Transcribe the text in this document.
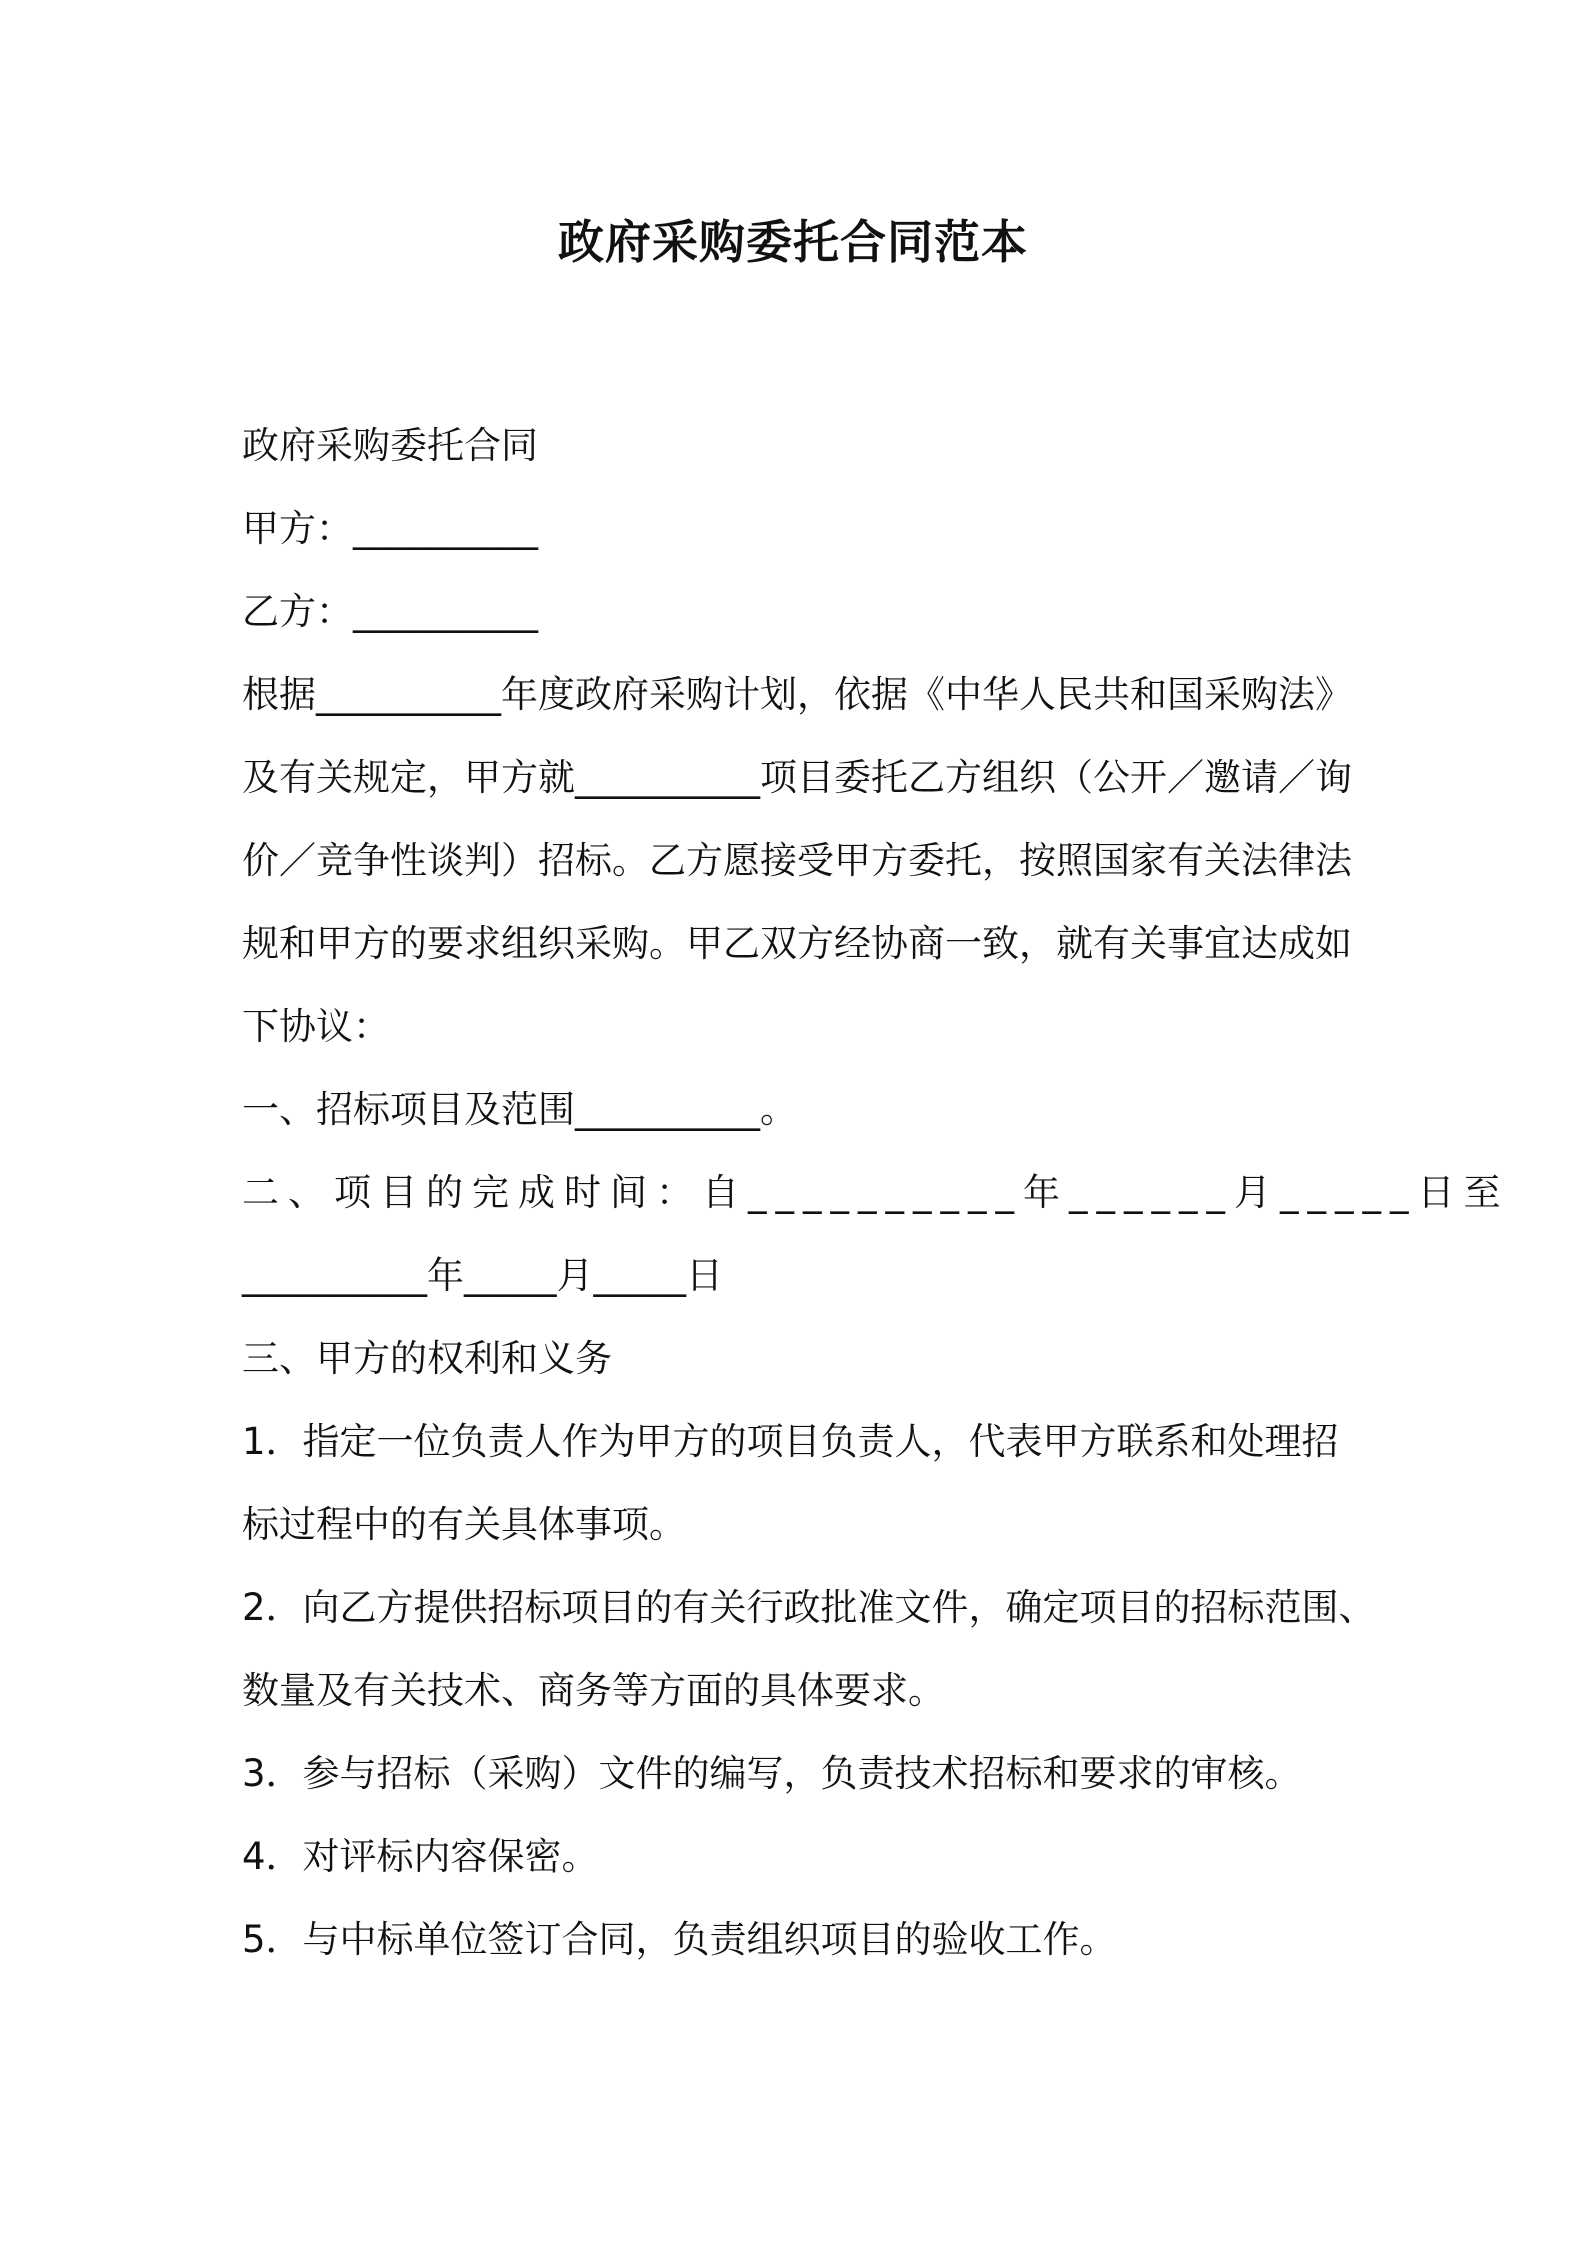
政府采购委托合同范本

政府采购委托合同

甲方：__________

乙方：__________

根据__________年度政府采购计划，依据《中华人民共和国采购法》

及有关规定，甲方就__________项目委托乙方组织（公开／邀请／询

价／竞争性谈判）招标。乙方愿接受甲方委托，按照国家有关法律法

规和甲方的要求组织采购。甲乙双方经协商一致，就有关事宜达成如

下协议：

一、招标项目及范围__________。

二、项目的完成时间：自__________年______月_____日至

__________年_____月_____日

三、甲方的权利和义务

1．指定一位负责人作为甲方的项目负责人，代表甲方联系和处理招

标过程中的有关具体事项。

2．向乙方提供招标项目的有关行政批准文件，确定项目的招标范围、

数量及有关技术、商务等方面的具体要求。

3．参与招标（采购）文件的编写，负责技术招标和要求的审核。

4．对评标内容保密。

5．与中标单位签订合同，负责组织项目的验收工作。
